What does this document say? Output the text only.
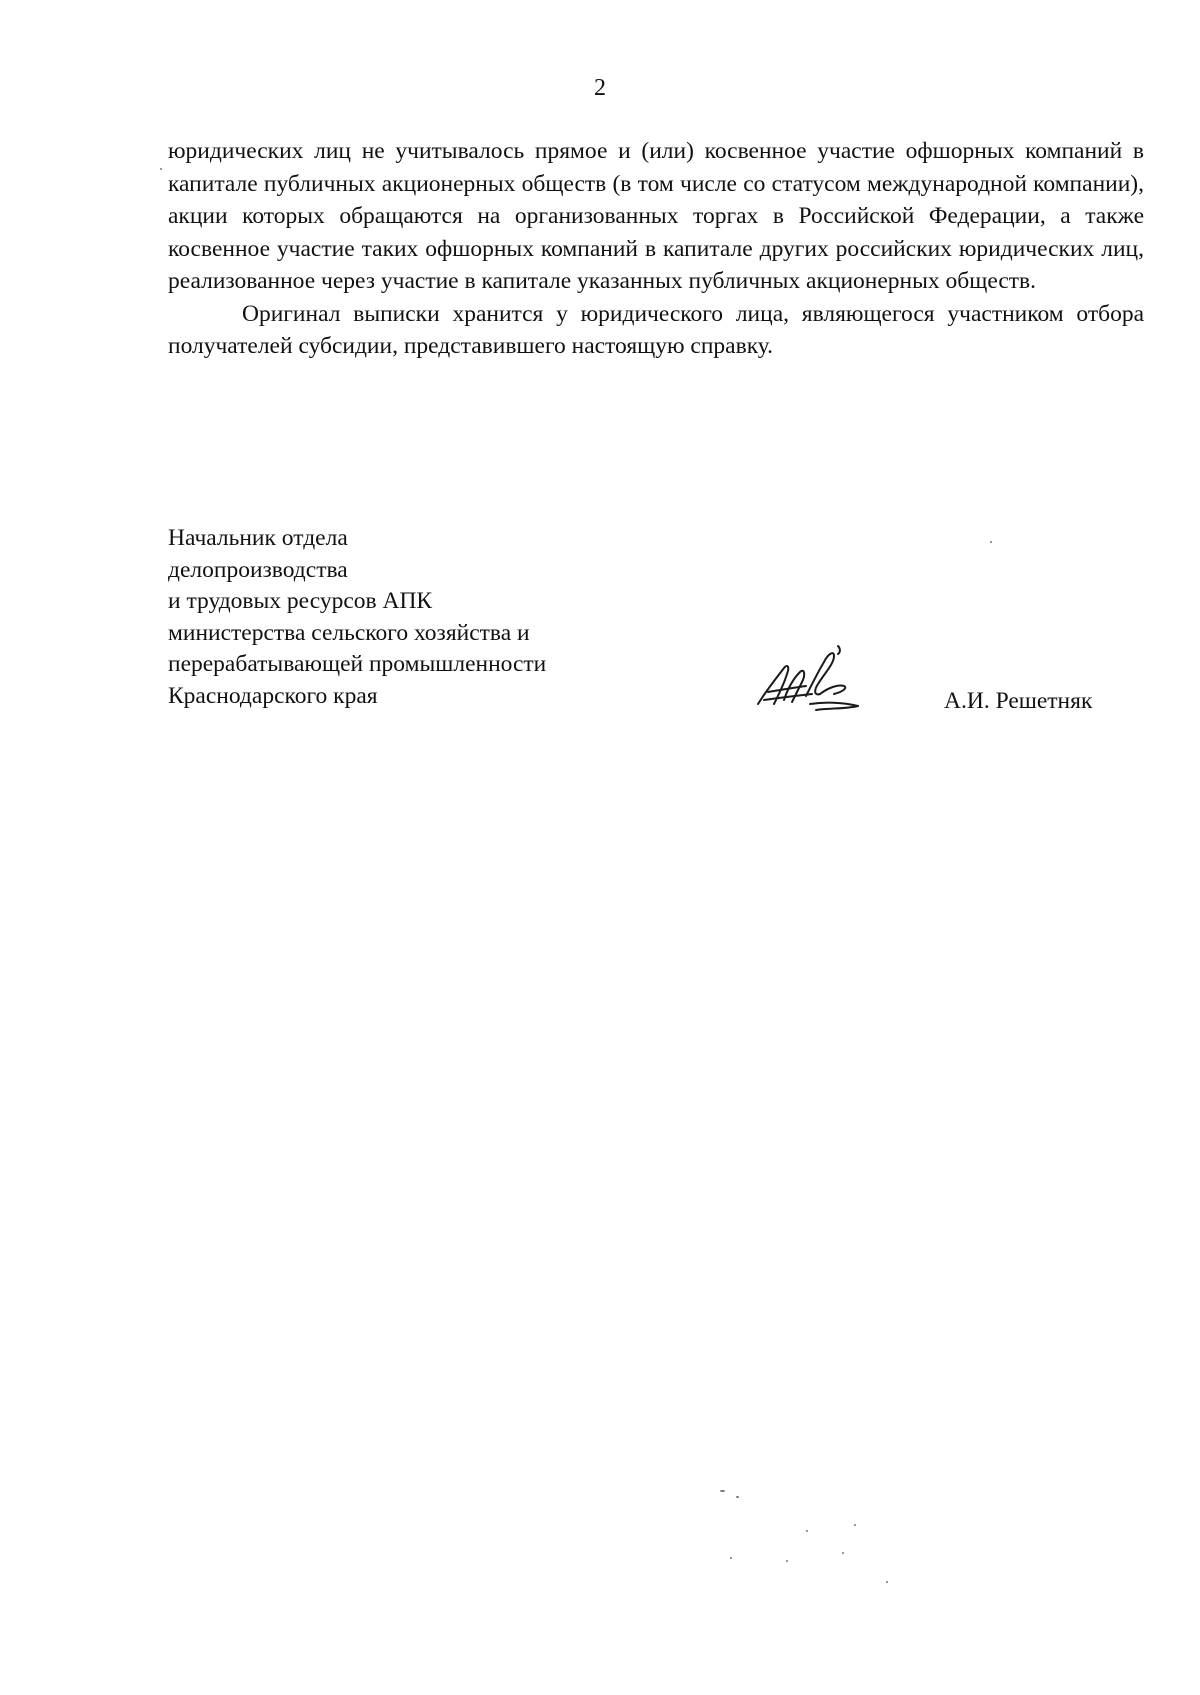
2

юридических лиц не учитывалось прямое и (или) косвенное участие офшорных компаний в капитале публичных акционерных обществ (в том числе со статусом международной компании), акции которых обращаются на организованных торгах в Российской Федерации, а также косвенное участие таких офшорных компаний в капитале других российских юридических лиц, реализованное через участие в капитале указанных публичных акционерных обществ.

Оригинал выписки хранится у юридического лица, являющегося участником отбора получателей субсидии, представившего настоящую справку.

Начальник отдела
делопроизводства
и трудовых ресурсов АПК
министерства сельского хозяйства и
перерабатывающей промышленности
Краснодарского края	А.И. Решетняк
